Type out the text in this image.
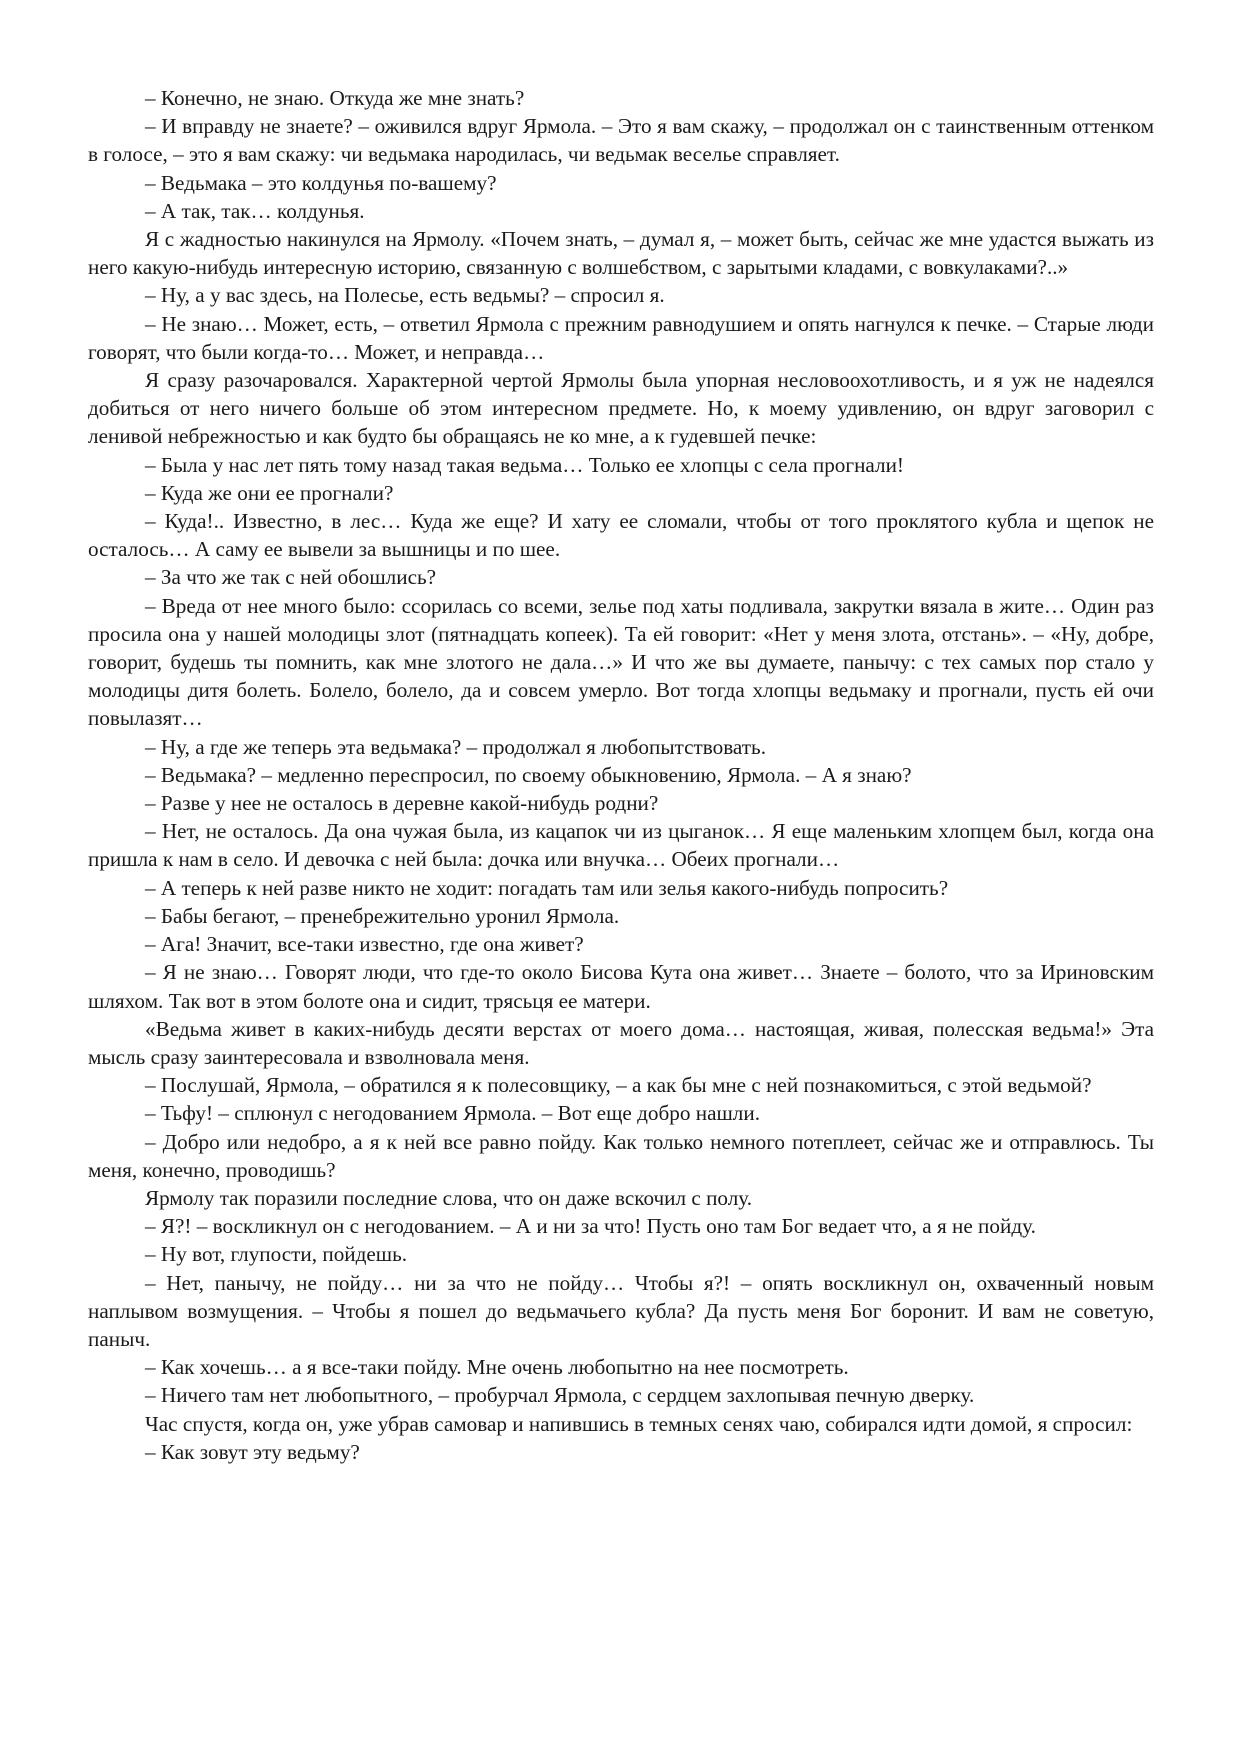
– Конечно, не знаю. Откуда же мне знать?

– И вправду не знаете? – оживился вдруг Ярмола. – Это я вам скажу, – продолжал он с таинственным оттенком в голосе, – это я вам скажу: чи ведьмака народилась, чи ведьмак веселье справляет.

– Ведьмака – это колдунья по-вашему?

– А так, так… колдунья.

Я с жадностью накинулся на Ярмолу. «Почем знать, – думал я, – может быть, сейчас же мне удастся выжать из него какую-нибудь интересную историю, связанную с волшебством, с зарытыми кладами, с вовкулаками?..»

– Ну, а у вас здесь, на Полесье, есть ведьмы? – спросил я.

– Не знаю… Может, есть, – ответил Ярмола с прежним равнодушием и опять нагнулся к печке. – Старые люди говорят, что были когда-то… Может, и неправда…

Я сразу разочаровался. Характерной чертой Ярмолы была упорная несловоохотливость, и я уж не надеялся добиться от него ничего больше об этом интересном предмете. Но, к моему удивлению, он вдруг заговорил с ленивой небрежностью и как будто бы обращаясь не ко мне, а к гудевшей печке:

– Была у нас лет пять тому назад такая ведьма… Только ее хлопцы с села прогнали!

– Куда же они ее прогнали?

– Куда!.. Известно, в лес… Куда же еще? И хату ее сломали, чтобы от того проклятого кубла и щепок не осталось… А саму ее вывели за вышницы и по шее.

– За что же так с ней обошлись?

– Вреда от нее много было: ссорилась со всеми, зелье под хаты подливала, закрутки вязала в жите… Один раз просила она у нашей молодицы злот (пятнадцать копеек). Та ей говорит: «Нет у меня злота, отстань». – «Ну, добре, говорит, будешь ты помнить, как мне злотого не дала…» И что же вы думаете, панычу: с тех самых пор стало у молодицы дитя болеть. Болело, болело, да и совсем умерло. Вот тогда хлопцы ведьмаку и прогнали, пусть ей очи повылазят…

– Ну, а где же теперь эта ведьмака? – продолжал я любопытствовать.

– Ведьмака? – медленно переспросил, по своему обыкновению, Ярмола. – А я знаю?

– Разве у нее не осталось в деревне какой-нибудь родни?

– Нет, не осталось. Да она чужая была, из кацапок чи из цыганок… Я еще маленьким хлопцем был, когда она пришла к нам в село. И девочка с ней была: дочка или внучка… Обеих прогнали…

– А теперь к ней разве никто не ходит: погадать там или зелья какого-нибудь попросить?

– Бабы бегают, – пренебрежительно уронил Ярмола.

– Ага! Значит, все-таки известно, где она живет?

– Я не знаю… Говорят люди, что где-то около Бисова Кута она живет… Знаете – болото, что за Ириновским шляхом. Так вот в этом болоте она и сидит, трясьця ее матери.

«Ведьма живет в каких-нибудь десяти верстах от моего дома… настоящая, живая, полесская ведьма!» Эта мысль сразу заинтересовала и взволновала меня.

– Послушай, Ярмола, – обратился я к полесовщику, – а как бы мне с ней познакомиться, с этой ведьмой?

– Тьфу! – сплюнул с негодованием Ярмола. – Вот еще добро нашли.

– Добро или недобро, а я к ней все равно пойду. Как только немного потеплеет, сейчас же и отправлюсь. Ты меня, конечно, проводишь?

Ярмолу так поразили последние слова, что он даже вскочил с полу.

– Я?! – воскликнул он с негодованием. – А и ни за что! Пусть оно там Бог ведает что, а я не пойду.

– Ну вот, глупости, пойдешь.

– Нет, панычу, не пойду… ни за что не пойду… Чтобы я?! – опять воскликнул он, охваченный новым наплывом возмущения. – Чтобы я пошел до ведьмачьего кубла? Да пусть меня Бог боронит. И вам не советую, паныч.

– Как хочешь… а я все-таки пойду. Мне очень любопытно на нее посмотреть.

– Ничего там нет любопытного, – пробурчал Ярмола, с сердцем захлопывая печную дверку.

Час спустя, когда он, уже убрав самовар и напившись в темных сенях чаю, собирался идти домой, я спросил:

– Как зовут эту ведьму?
